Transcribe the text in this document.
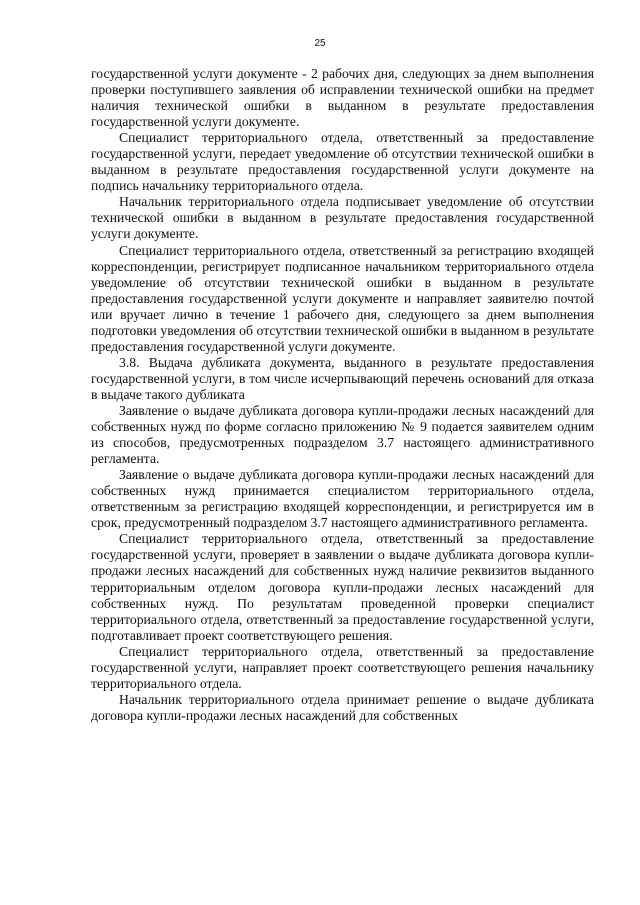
25

государственной услуги документе - 2 рабочих дня, следующих за днем выполнения проверки поступившего заявления об исправлении технической ошибки на предмет наличия технической ошибки в выданном в результате предоставления государственной услуги документе.

Специалист территориального отдела, ответственный за предоставление государственной услуги, передает уведомление об отсутствии технической ошибки в выданном в результате предоставления государственной услуги документе на подпись начальнику территориального отдела.

Начальник территориального отдела подписывает уведомление об отсутствии технической ошибки в выданном в результате предоставления государственной услуги документе.

Специалист территориального отдела, ответственный за регистрацию входящей корреспонденции, регистрирует подписанное начальником территориального отдела уведомление об отсутствии технической ошибки в выданном в результате предоставления государственной услуги документе и направляет заявителю почтой или вручает лично в течение 1 рабочего дня, следующего за днем выполнения подготовки уведомления об отсутствии технической ошибки в выданном в результате предоставления государственной услуги документе.

3.8. Выдача дубликата документа, выданного в результате предоставления государственной услуги, в том числе исчерпывающий перечень оснований для отказа в выдаче такого дубликата

Заявление о выдаче дубликата договора купли-продажи лесных насаждений для собственных нужд по форме согласно приложению № 9 подается заявителем одним из способов, предусмотренных подразделом 3.7 настоящего административного регламента.

Заявление о выдаче дубликата договора купли-продажи лесных насаждений для собственных нужд принимается специалистом территориального отдела, ответственным за регистрацию входящей корреспонденции, и регистрируется им в срок, предусмотренный подразделом 3.7 настоящего административного регламента.

Специалист территориального отдела, ответственный за предоставление государственной услуги, проверяет в заявлении о выдаче дубликата договора купли-продажи лесных насаждений для собственных нужд наличие реквизитов выданного территориальным отделом договора купли-продажи лесных насаждений для собственных нужд. По результатам проведенной проверки специалист территориального отдела, ответственный за предоставление государственной услуги, подготавливает проект соответствующего решения.

Специалист территориального отдела, ответственный за предоставление государственной услуги, направляет проект соответствующего решения начальнику территориального отдела.

Начальник территориального отдела принимает решение о выдаче дубликата договора купли-продажи лесных насаждений для собственных
